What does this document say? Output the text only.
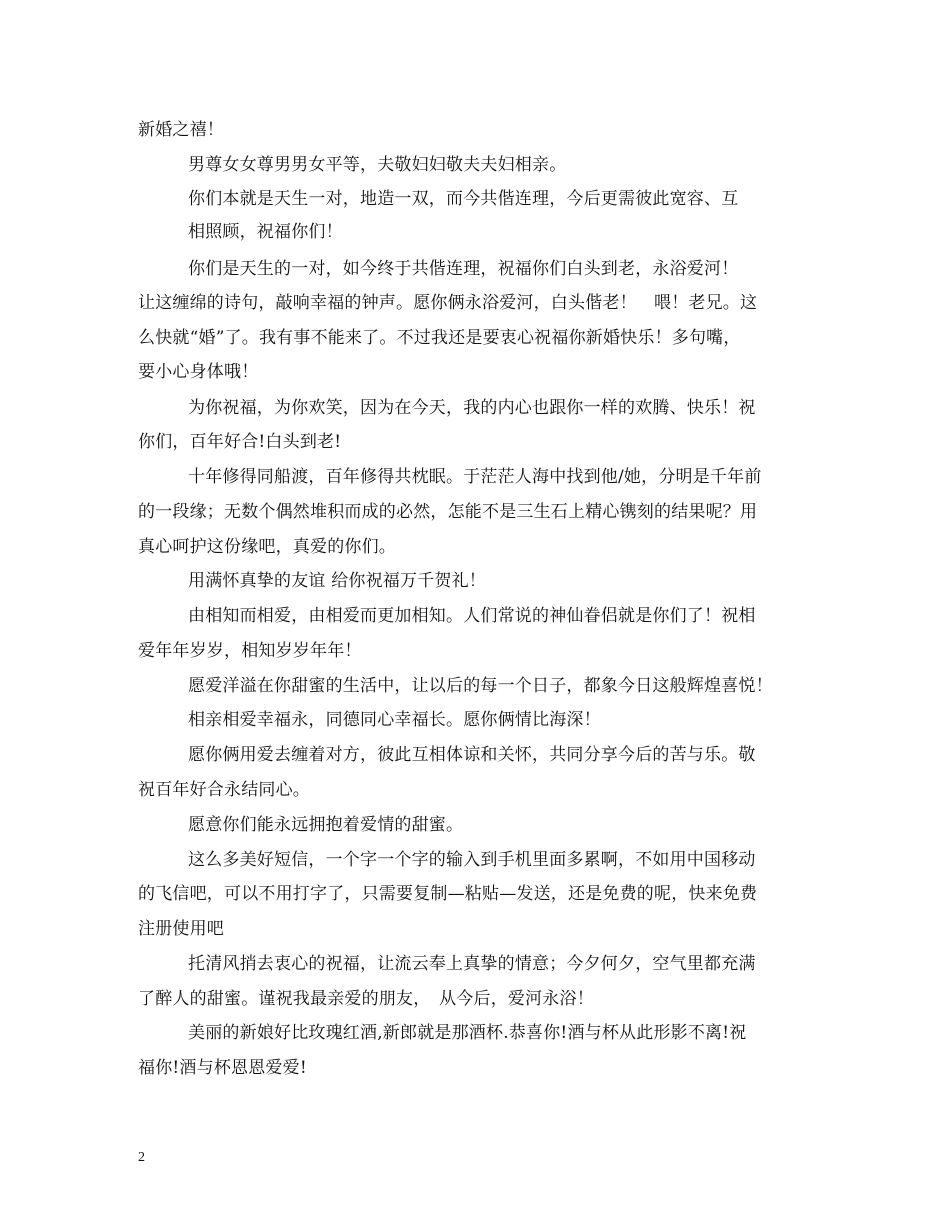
新婚之禧！
男尊女女尊男男女平等，夫敬妇妇敬夫夫妇相亲。
你们本就是天生一对，地造一双，而今共偕连理，今后更需彼此宽容、互
相照顾，祝福你们！
你们是天生的一对，如今终于共偕连理，祝福你们白头到老，永浴爱河！
让这缠绵的诗句，敲响幸福的钟声。愿你俩永浴爱河，白头偕老！　喂！老兄。这
么快就“婚”了。我有事不能来了。不过我还是要衷心祝福你新婚快乐！多句嘴，
要小心身体哦！
为你祝福，为你欢笑，因为在今天，我的内心也跟你一样的欢腾、快乐！祝
你们，百年好合!白头到老!
十年修得同船渡，百年修得共枕眠。于茫茫人海中找到他/她，分明是千年前
的一段缘；无数个偶然堆积而成的必然，怎能不是三生石上精心镌刻的结果呢？用
真心呵护这份缘吧，真爱的你们。
用满怀真挚的友谊 给你祝福万千贺礼！
由相知而相爱，由相爱而更加相知。人们常说的神仙眷侣就是你们了！祝相
爱年年岁岁，相知岁岁年年！
愿爱洋溢在你甜蜜的生活中，让以后的每一个日子，都象今日这般辉煌喜悦！
相亲相爱幸福永，同德同心幸福长。愿你俩情比海深！
愿你俩用爱去缠着对方，彼此互相体谅和关怀，共同分享今后的苦与乐。敬
祝百年好合永结同心。
愿意你们能永远拥抱着爱情的甜蜜。
这么多美好短信，一个字一个字的输入到手机里面多累啊，不如用中国移动
的飞信吧，可以不用打字了，只需要复制—粘贴—发送，还是免费的呢，快来免费
注册使用吧
托清风捎去衷心的祝福，让流云奉上真挚的情意；今夕何夕，空气里都充满
了醉人的甜蜜。谨祝我最亲爱的朋友，　从今后，爱河永浴！
美丽的新娘好比玫瑰红酒,新郎就是那酒杯.恭喜你!酒与杯从此形影不离!祝
福你!酒与杯恩恩爱爱!
2
